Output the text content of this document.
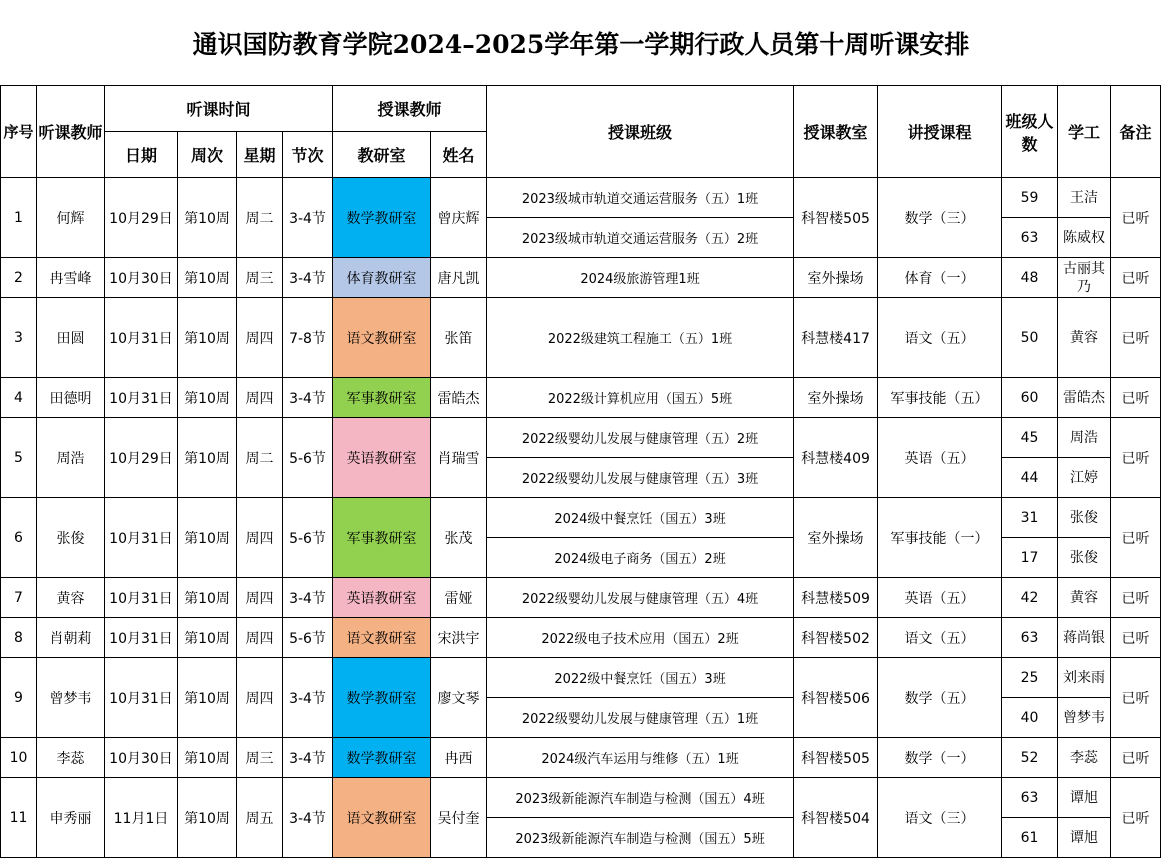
通识国防教育学院2024–2025学年第一学期行政人员第十周听课安排
序号	听课教师	听课时间				授课教师		授课班级	授课教室	讲授课程	班级人数	学工	备注
		日期	周次	星期	节次	教研室	姓名						
1	何辉	10月29日	第10周	周二	3-4节	数学教研室	曾庆辉	2023级城市轨道交通运营服务（五）1班	科智楼505	数学（三）	59	王洁	已听
								2023级城市轨道交通运营服务（五）2班			63	陈威权	
2	冉雪峰	10月30日	第10周	周三	3-4节	体育教研室	唐凡凯	2024级旅游管理1班	室外操场	体育（一）	48	古丽其乃	已听
3	田圆	10月31日	第10周	周四	7-8节	语文教研室	张笛	2022级建筑工程施工（五）1班	科慧楼417	语文（五）	50	黄容	已听
4	田德明	10月31日	第10周	周四	3-4节	军事教研室	雷皓杰	2022级计算机应用（国五）5班	室外操场	军事技能（五）	60	雷皓杰	已听
5	周浩	10月29日	第10周	周二	5-6节	英语教研室	肖瑞雪	2022级婴幼儿发展与健康管理（五）2班	科慧楼409	英语（五）	45	周浩	已听
								2022级婴幼儿发展与健康管理（五）3班			44	江婷	
6	张俊	10月31日	第10周	周四	5-6节	军事教研室	张茂	2024级中餐烹饪（国五）3班	室外操场	军事技能（一）	31	张俊	已听
								2024级电子商务（国五）2班			17	张俊	
7	黄容	10月31日	第10周	周四	3-4节	英语教研室	雷娅	2022级婴幼儿发展与健康管理（五）4班	科慧楼509	英语（五）	42	黄容	已听
8	肖朝莉	10月31日	第10周	周四	5-6节	语文教研室	宋洪宇	2022级电子技术应用（国五）2班	科智楼502	语文（五）	63	蒋尚银	已听
9	曾梦韦	10月31日	第10周	周四	3-4节	数学教研室	廖文琴	2022级中餐烹饪（国五）3班	科智楼506	数学（五）	25	刘来雨	已听
								2022级婴幼儿发展与健康管理（五）1班			40	曾梦韦	
10	李蕊	10月30日	第10周	周三	3-4节	数学教研室	冉西	2024级汽车运用与维修（五）1班	科智楼505	数学（一）	52	李蕊	已听
11	申秀丽	11月1日	第10周	周五	3-4节	语文教研室	吴付奎	2023级新能源汽车制造与检测（国五）4班	科智楼504	语文（三）	63	谭旭	已听
								2023级新能源汽车制造与检测（国五）5班			61	谭旭	
